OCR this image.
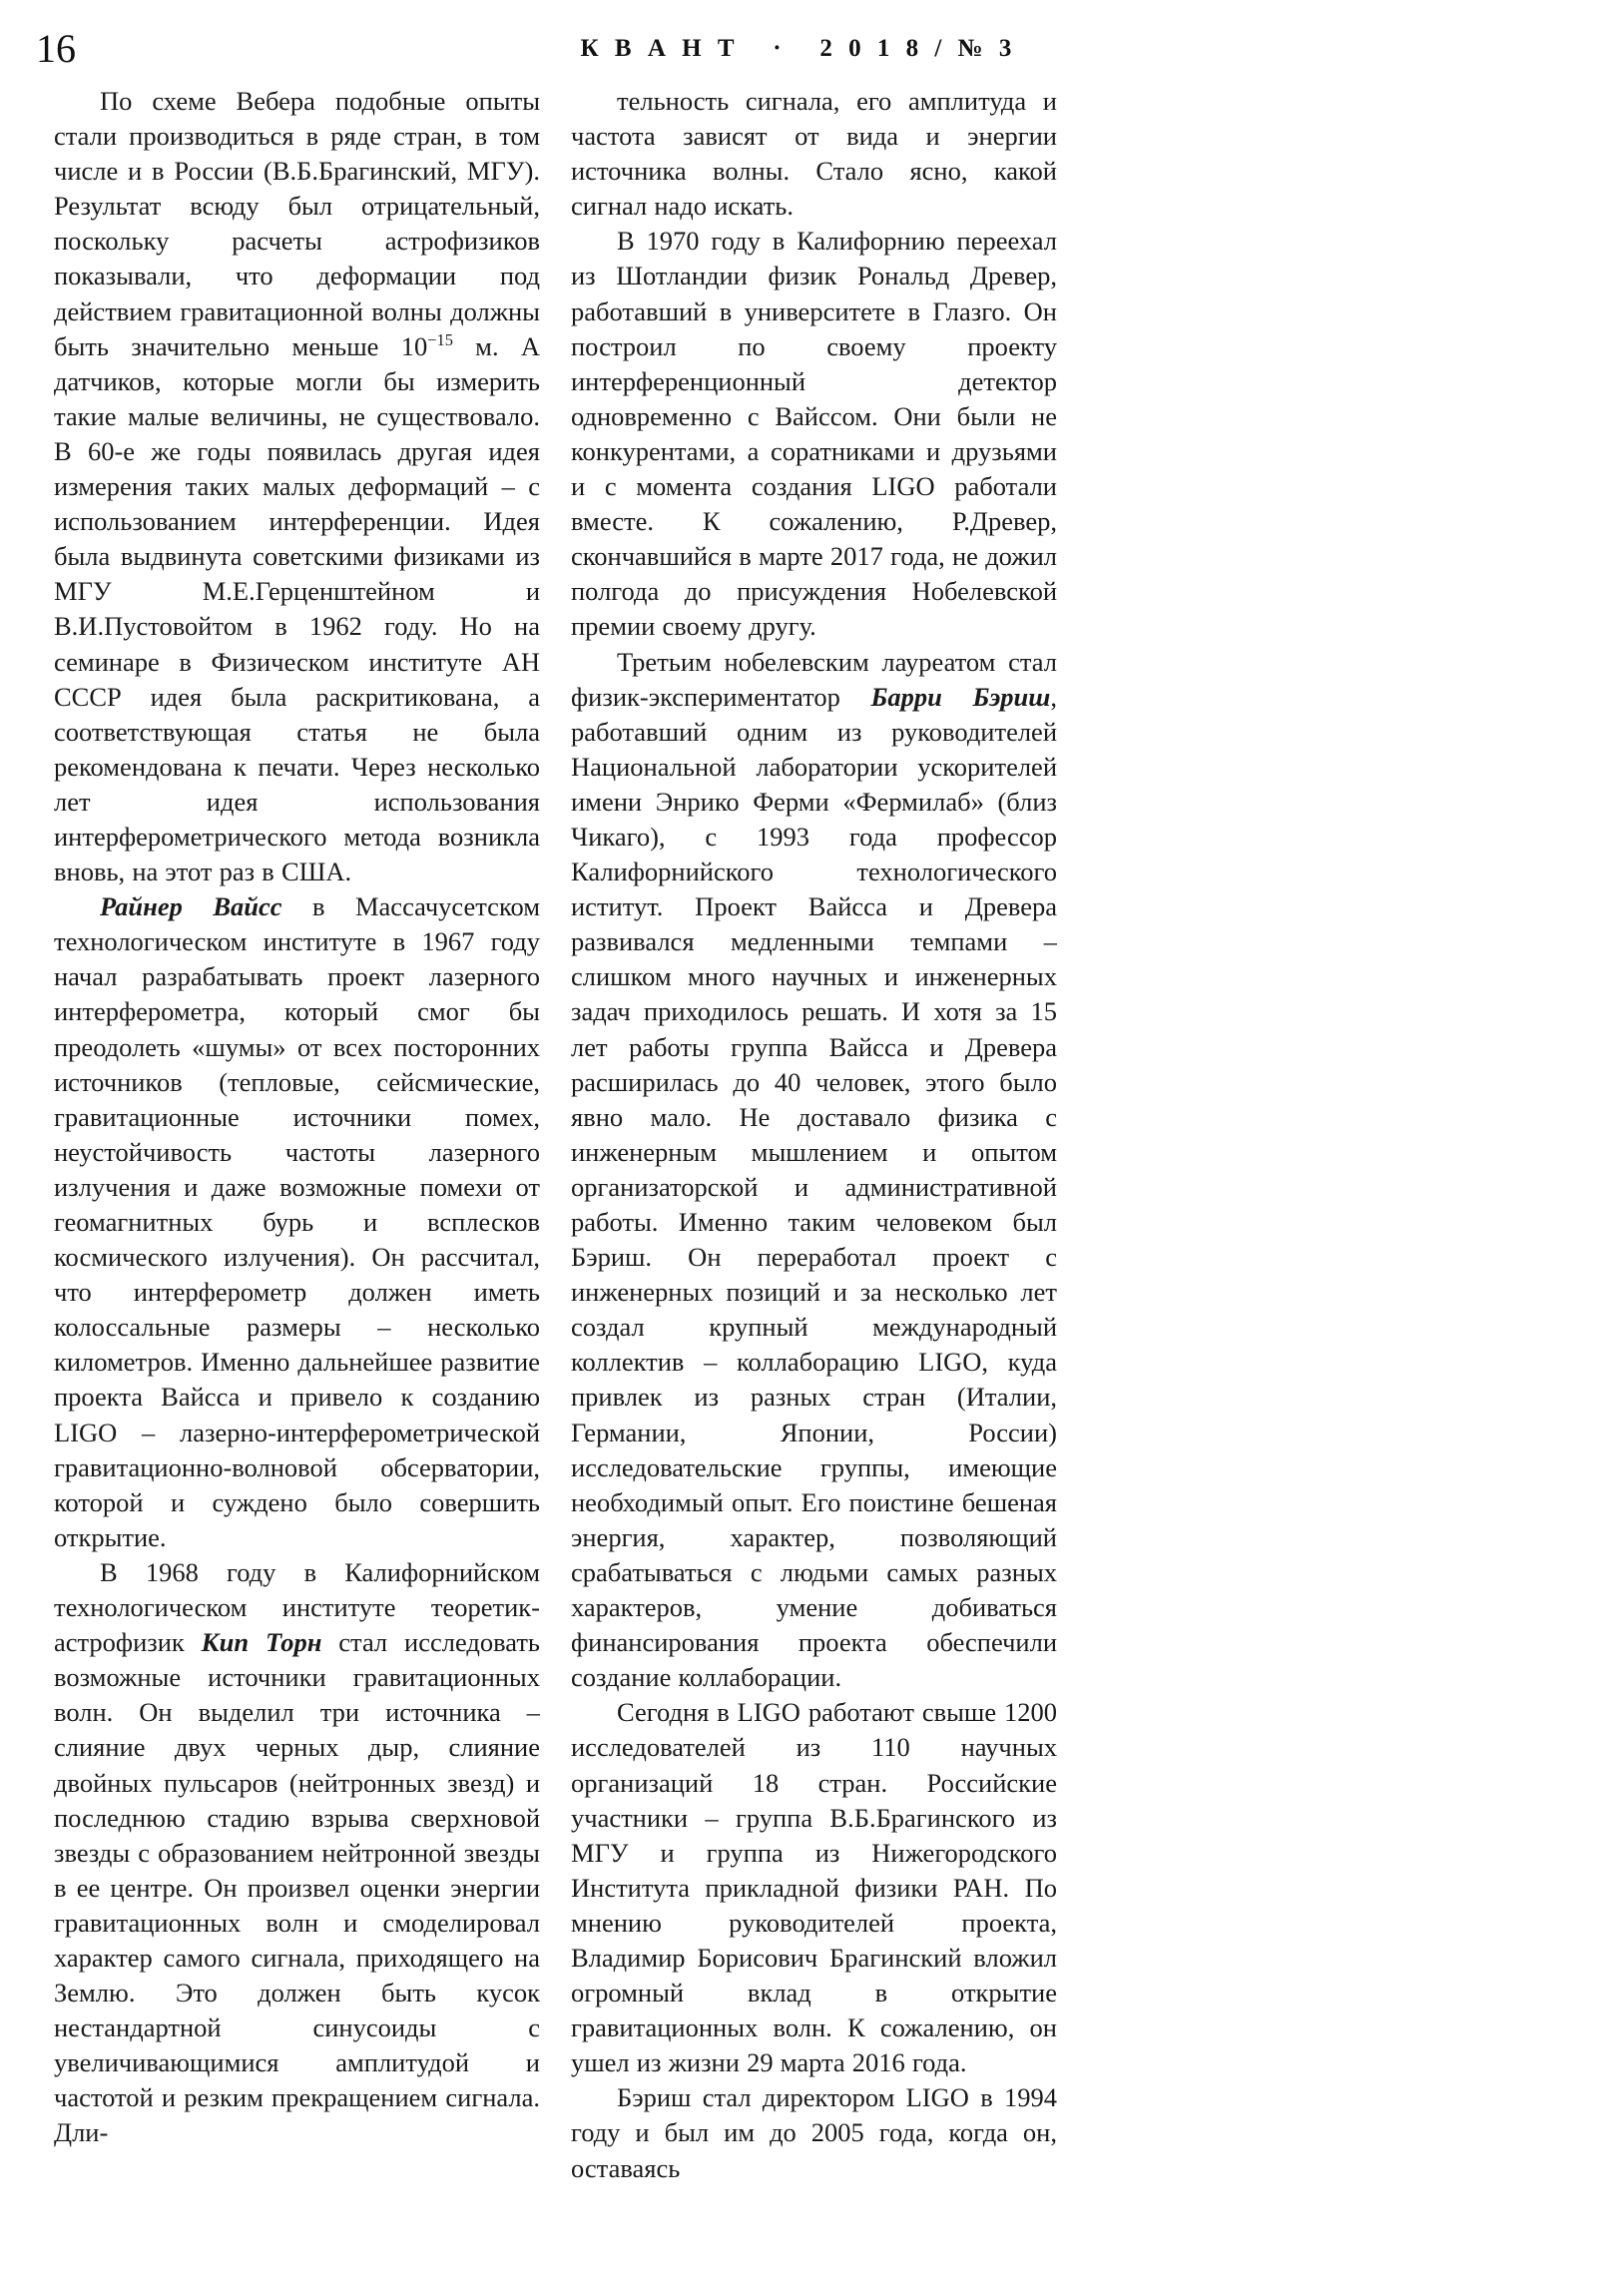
16	К В А Н Т   ·   2 0 1 8 / № 3

По схеме Вебера подобные опыты стали производиться в ряде стран, в том числе и в России (В.Б.Брагинский, МГУ). Результат всюду был отрицательный, поскольку расчеты астрофизиков показывали, что деформации под действием гравитационной волны должны быть значительно меньше $10^{-15}$ м. А датчиков, которые могли бы измерить такие малые величины, не существовало. В 60-е же годы появилась другая идея измерения таких малых деформаций – с использованием интерференции. Идея была выдвинута советскими физиками из МГУ М.Е.Герценштейном и В.И.Пустовойтом в 1962 году. Но на семинаре в Физическом институте АН СССР идея была раскритикована, а соответствующая статья не была рекомендована к печати. Через несколько лет идея использования интерферометрического метода возникла вновь, на этот раз в США.

Райнер Вайсс в Массачусетском технологическом институте в 1967 году начал разрабатывать проект лазерного интерферометра, который смог бы преодолеть «шумы» от всех посторонних источников (тепловые, сейсмические, гравитационные источники помех, неустойчивость частоты лазерного излучения и даже возможные помехи от геомагнитных бурь и всплесков космического излучения). Он рассчитал, что интерферометр должен иметь колоссальные размеры – несколько километров. Именно дальнейшее развитие проекта Вайсса и привело к созданию LIGO – лазерно-интерферометрической гравитационно-волновой обсерватории, которой и суждено было совершить открытие.

В 1968 году в Калифорнийском технологическом институте теоретик-астрофизик Кип Торн стал исследовать возможные источники гравитационных волн. Он выделил три источника – слияние двух черных дыр, слияние двойных пульсаров (нейтронных звезд) и последнюю стадию взрыва сверхновой звезды с образованием нейтронной звезды в ее центре. Он произвел оценки энергии гравитационных волн и смоделировал характер самого сигнала, приходящего на Землю. Это должен быть кусок нестандартной синусоиды с увеличивающимися амплитудой и частотой и резким прекращением сигнала. Дли-

тельность сигнала, его амплитуда и частота зависят от вида и энергии источника волны. Стало ясно, какой сигнал надо искать.

В 1970 году в Калифорнию переехал из Шотландии физик Рональд Древер, работавший в университете в Глазго. Он построил по своему проекту интерференционный детектор одновременно с Вайссом. Они были не конкурентами, а соратниками и друзьями и с момента создания LIGO работали вместе. К сожалению, Р.Древер, скончавшийся в марте 2017 года, не дожил полгода до присуждения Нобелевской премии своему другу.

Третьим нобелевским лауреатом стал физик-экспериментатор Барри Бэриш, работавший одним из руководителей Национальной лаборатории ускорителей имени Энрико Ферми «Фермилаб» (близ Чикаго), с 1993 года профессор Калифорнийского технологического иститут. Проект Вайсса и Древера развивался медленными темпами – слишком много научных и инженерных задач приходилось решать. И хотя за 15 лет работы группа Вайсса и Древера расширилась до 40 человек, этого было явно мало. Не доставало физика с инженерным мышлением и опытом организаторской и административной работы. Именно таким человеком был Бэриш. Он переработал проект с инженерных позиций и за несколько лет создал крупный международный коллектив – коллаборацию LIGO, куда привлек из разных стран (Италии, Германии, Японии, России) исследовательские группы, имеющие необходимый опыт. Его поистине бешеная энергия, характер, позволяющий срабатываться с людьми самых разных характеров, умение добиваться финансирования проекта обеспечили создание коллаборации.

Сегодня в LIGO работают свыше 1200 исследователей из 110 научных организаций 18 стран. Российские участники – группа В.Б.Брагинского из МГУ и группа из Нижегородского Института прикладной физики РАН. По мнению руководителей проекта, Владимир Борисович Брагинский вложил огромный вклад в открытие гравитационных волн. К сожалению, он ушел из жизни 29 марта 2016 года.

Бэриш стал директором LIGO в 1994 году и был им до 2005 года, когда он, оставаясь
